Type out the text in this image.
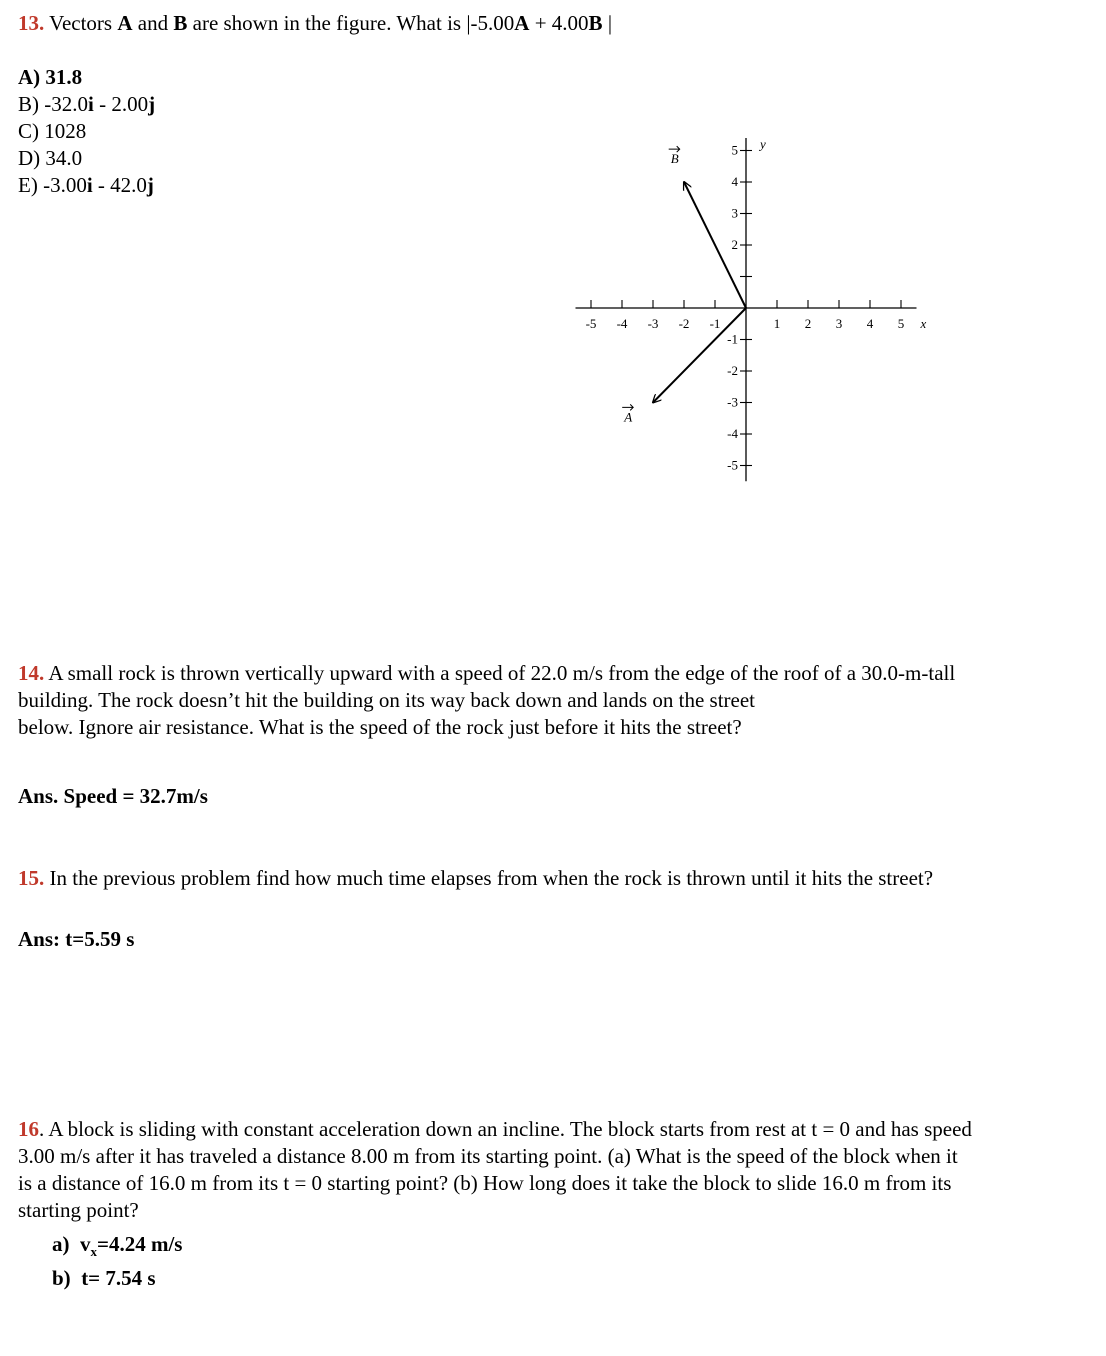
13. Vectors A and B are shown in the figure. What is |-5.00A + 4.00B |
A) 31.8
B) -32.0i - 2.00j
C) 1028
D) 34.0
E) -3.00i - 42.0j
-5 -4 -3 -2 -1	1 2 3 4 5
5
4
3
2
-1
-2
-3
-4
-5
x
y
A
B
14. A small rock is thrown vertically upward with a speed of 22.0 m/s from the edge of the roof of a 30.0-m-tall
building. The rock doesn’t hit the building on its way back down and lands on the street
below. Ignore air resistance. What is the speed of the rock just before it hits the street?
Ans. Speed = 32.7m/s
15. In the previous problem find how much time elapses from when the rock is thrown until it hits the street?
Ans: t=5.59 s
16. A block is sliding with constant acceleration down an incline. The block starts from rest at t = 0 and has speed
3.00 m/s after it has traveled a distance 8.00 m from its starting point. (a) What is the speed of the block when it
is a distance of 16.0 m from its t = 0 starting point? (b) How long does it take the block to slide 16.0 m from its
starting point?
a) $v_x=4.24$ m/s
b) t= 7.54 s
